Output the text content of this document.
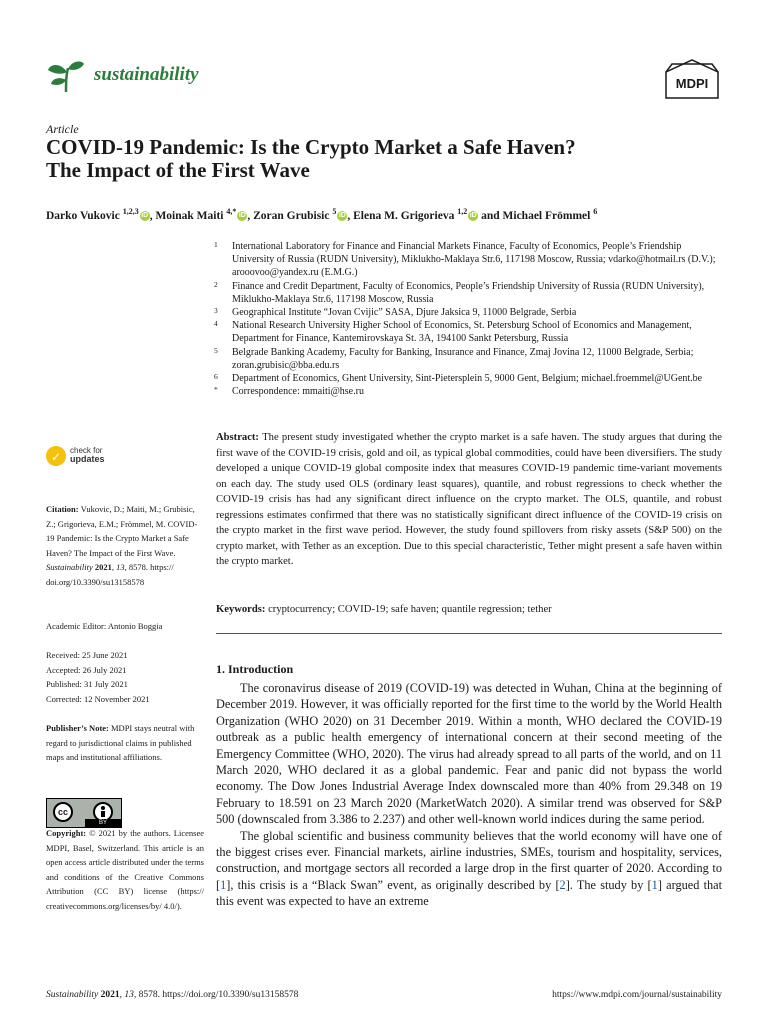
sustainability	MDPI
Article
COVID-19 Pandemic: Is the Crypto Market a Safe Haven?
The Impact of the First Wave
Darko Vukovic $^{1,2,3}$ iD , Moinak Maiti $^{4,*}$ iD , Zoran Grubisic $^5$ iD , Elena M. Grigorieva $^{1,2}$ iD and Michael Frömmel $^6$
1 International Laboratory for Finance and Financial Markets Finance, Faculty of Economics, People’s Friendship University of Russia (RUDN University), Miklukho-Maklaya Str.6, 117198 Moscow, Russia; vdarko@hotmail.rs (D.V.); arooovoo@yandex.ru (E.M.G.)
2 Finance and Credit Department, Faculty of Economics, People’s Friendship University of Russia (RUDN University), Miklukho-Maklaya Str.6, 117198 Moscow, Russia
3 Geographical Institute “Jovan Cvijic” SASA, Djure Jaksica 9, 11000 Belgrade, Serbia
4 National Research University Higher School of Economics, St. Petersburg School of Economics and Management, Department for Finance, Kantemirovskaya St. 3A, 194100 Sankt Petersburg, Russia
5 Belgrade Banking Academy, Faculty for Banking, Insurance and Finance, Zmaj Jovina 12, 11000 Belgrade, Serbia; zoran.grubisic@bba.edu.rs
6 Department of Economics, Ghent University, Sint-Pietersplein 5, 9000 Gent, Belgium; michael.froemmel@UGent.be
* Correspondence: mmaiti@hse.ru
✓ check for
updates
Citation: Vukovic, D.; Maiti, M.; Grubisic, Z.; Grigorieva, E.M.; Frömmel, M. COVID-19 Pandemic: Is the Crypto Market a Safe Haven? The Impact of the First Wave. Sustainability 2021, 13, 8578. https:// doi.org/10.3390/su13158578
Academic Editor: Antonio Boggia
Received: 25 June 2021
Accepted: 26 July 2021
Published: 31 July 2021
Corrected: 12 November 2021
Publisher’s Note: MDPI stays neutral with regard to jurisdictional claims in published maps and institutional affiliations.
cc
BY
Copyright: © 2021 by the authors. Licensee MDPI, Basel, Switzerland. This article is an open access article distributed under the terms and conditions of the Creative Commons Attribution (CC BY) license (https:// creativecommons.org/licenses/by/ 4.0/).
Abstract: The present study investigated whether the crypto market is a safe haven. The study argues that during the first wave of the COVID-19 crisis, gold and oil, as typical global commodities, could have been diversifiers. The study developed a unique COVID-19 global composite index that measures COVID-19 pandemic time-variant movements on each day. The study used OLS (ordinary least squares), quantile, and robust regressions to check whether the COVID-19 crisis has had any significant direct influence on the crypto market. The OLS, quantile, and robust regressions estimates confirmed that there was no statistically significant direct influence of the COVID-19 crisis on the crypto market in the first wave period. However, the study found spillovers from risky assets (S&P 500) on the crypto market, with Tether as an exception. Due to this special characteristic, Tether might present a safe haven within the crypto market.
Keywords: cryptocurrency; COVID-19; safe haven; quantile regression; tether
1. Introduction

The coronavirus disease of 2019 (COVID-19) was detected in Wuhan, China at the beginning of December 2019. However, it was officially reported for the first time to the world by the World Health Organization (WHO 2020) on 31 December 2019. Within a month, WHO declared the COVID-19 outbreak as a public health emergency of international concern at their second meeting of the Emergency Committee (WHO, 2020). The virus had already spread to all parts of the world, and on 11 March 2020, WHO declared it as a global pandemic. Fear and panic did not bypass the world economy. The Dow Jones Industrial Average Index downscaled more than 40% from 29.348 on 19 February to 18.591 on 23 March 2020 (MarketWatch 2020). A similar trend was observed for S&P 500 (downscaled from 3.386 to 2.237) and other well-known world indices during the same period.

The global scientific and business community believes that the world economy will have one of the biggest crises ever. Financial markets, airline industries, SMEs, tourism and hospitality, services, construction, and mortgage sectors all recorded a large drop in the first quarter of 2020. According to [1], this crisis is a “Black Swan” event, as originally described by [2]. The study by [1] argued that this event was expected to have an extreme

Sustainability 2021, 13, 8578. https://doi.org/10.3390/su13158578	https://www.mdpi.com/journal/sustainability
